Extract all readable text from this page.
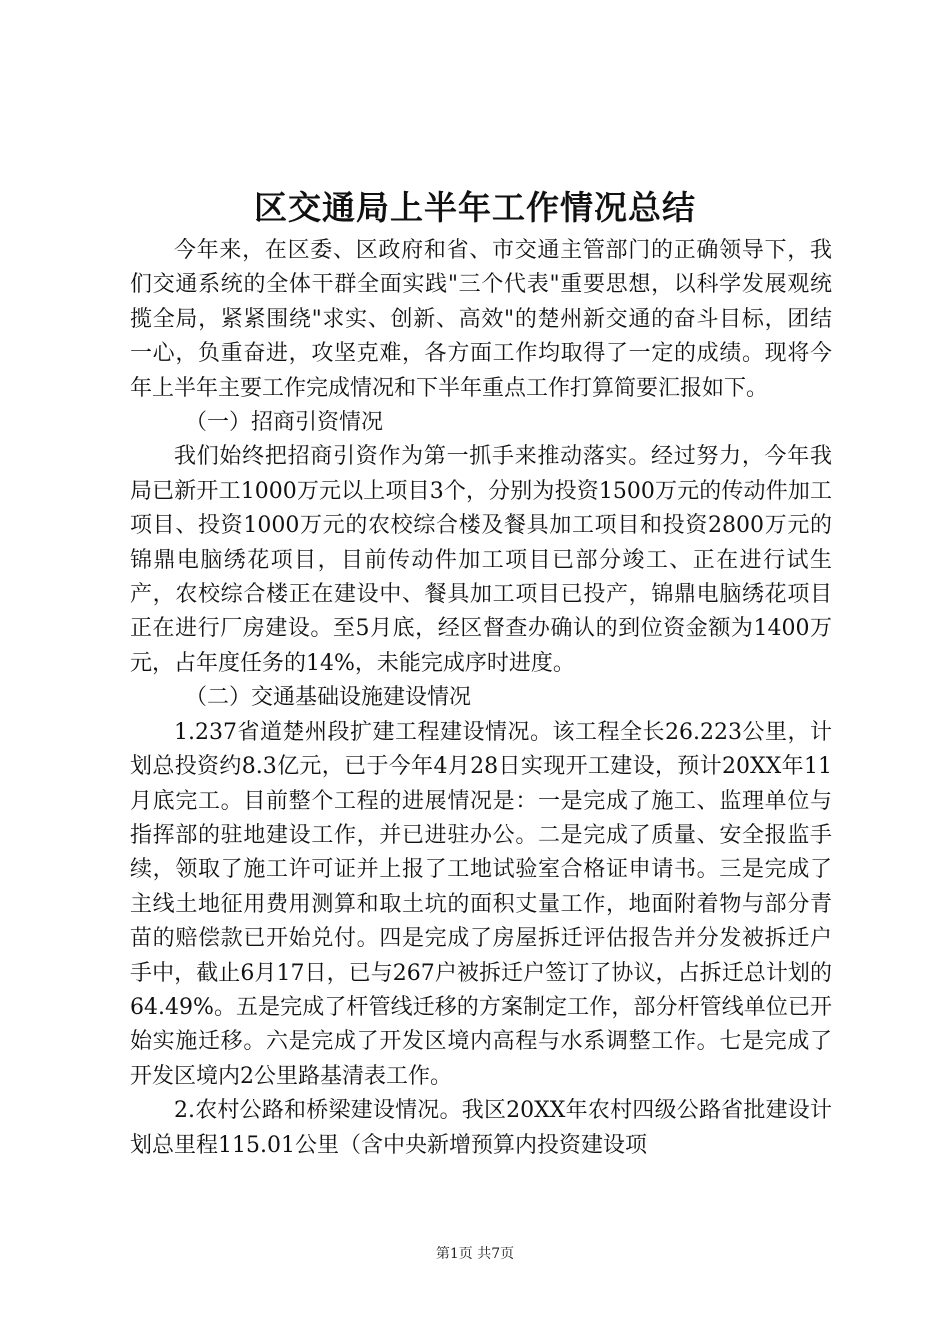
区交通局上半年工作情况总结

今年来，在区委、区政府和省、市交通主管部门的正确领导下，我们交通系统的全体干群全面实践"三个代表"重要思想，以科学发展观统揽全局，紧紧围绕"求实、创新、高效"的楚州新交通的奋斗目标，团结一心，负重奋进，攻坚克难，各方面工作均取得了一定的成绩。现将今年上半年主要工作完成情况和下半年重点工作打算简要汇报如下。

（一）招商引资情况

我们始终把招商引资作为第一抓手来推动落实。经过努力，今年我局已新开工1000万元以上项目3个，分别为投资1500万元的传动件加工项目、投资1000万元的农校综合楼及餐具加工项目和投资2800万元的锦鼎电脑绣花项目，目前传动件加工项目已部分竣工、正在进行试生产，农校综合楼正在建设中、餐具加工项目已投产，锦鼎电脑绣花项目正在进行厂房建设。至5月底，经区督查办确认的到位资金额为1400万元，占年度任务的14%，未能完成序时进度。

（二）交通基础设施建设情况

1.237省道楚州段扩建工程建设情况。该工程全长26.223公里，计划总投资约8.3亿元，已于今年4月28日实现开工建设，预计20XX年11月底完工。目前整个工程的进展情况是：一是完成了施工、监理单位与指挥部的驻地建设工作，并已进驻办公。二是完成了质量、安全报监手续，领取了施工许可证并上报了工地试验室合格证申请书。三是完成了主线土地征用费用测算和取土坑的面积丈量工作，地面附着物与部分青苗的赔偿款已开始兑付。四是完成了房屋拆迁评估报告并分发被拆迁户手中，截止6月17日，已与267户被拆迁户签订了协议，占拆迁总计划的64.49%。五是完成了杆管线迁移的方案制定工作，部分杆管线单位已开始实施迁移。六是完成了开发区境内高程与水系调整工作。七是完成了开发区境内2公里路基清表工作。

2.农村公路和桥梁建设情况。我区20XX年农村四级公路省批建设计划总里程115.01公里（含中央新增预算内投资建设项

第1页 共7页
